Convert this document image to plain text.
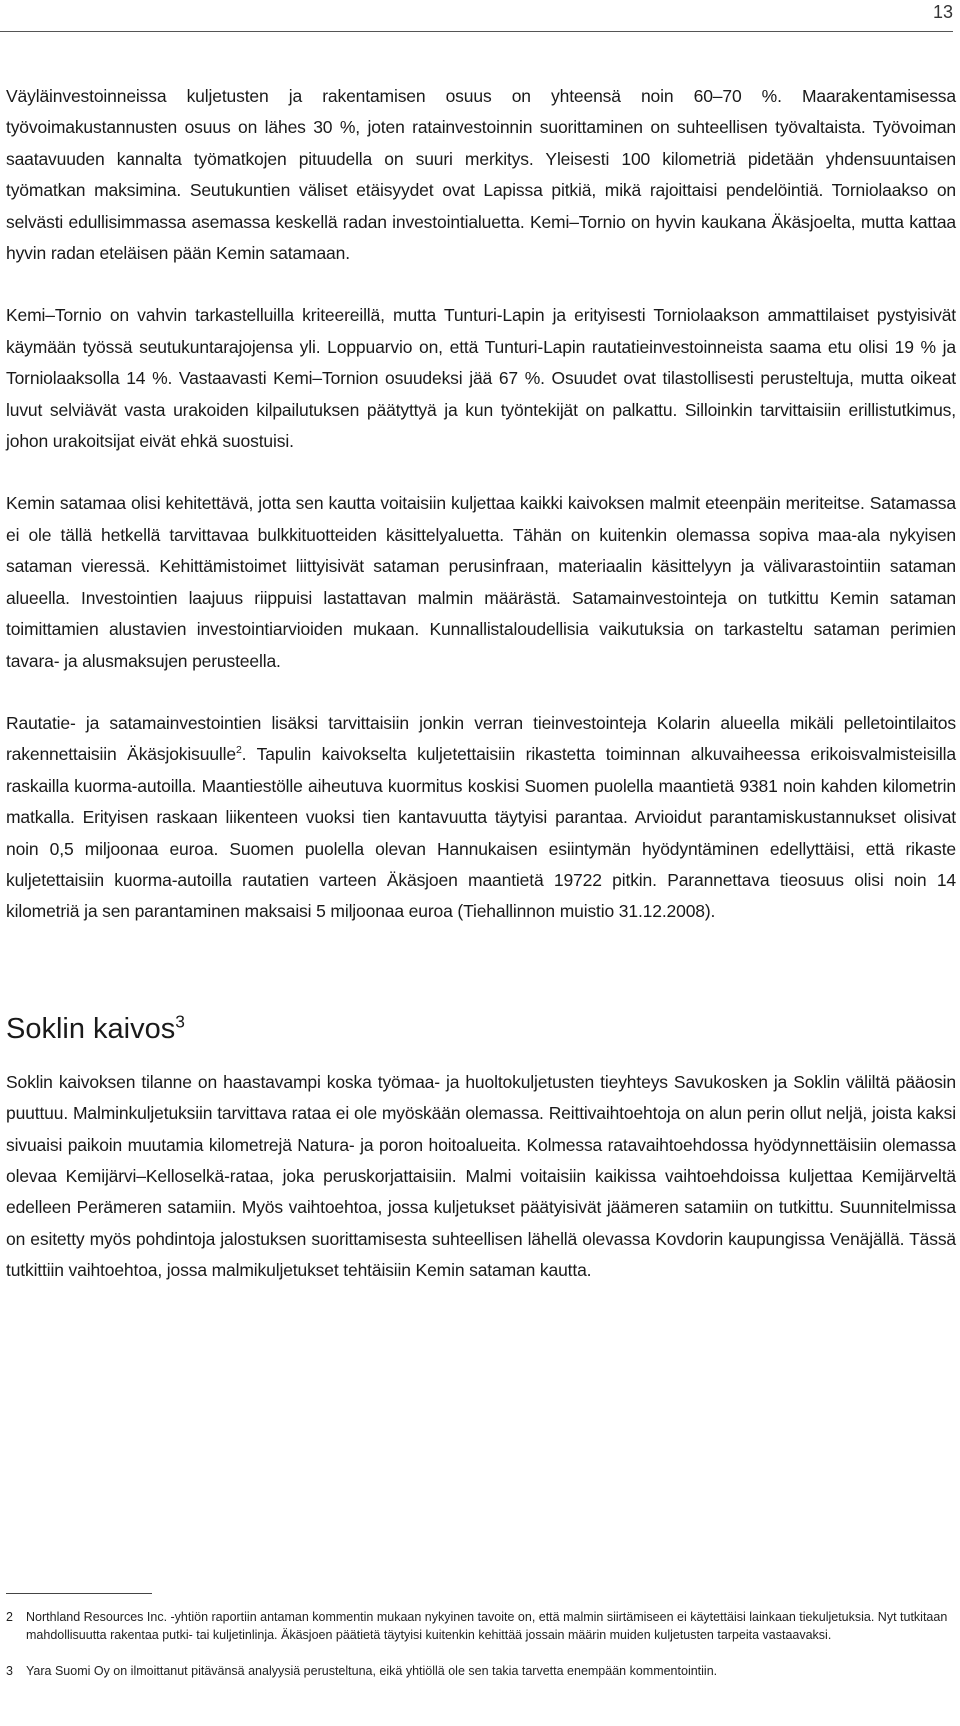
13

Väyläinvestoinneissa kuljetusten ja rakentamisen osuus on yhteensä noin 60–70 %. Maarakentamisessa työvoimakustannusten osuus on lähes 30 %, joten ratainvestoinnin suorittaminen on suhteellisen työvaltaista. Työvoiman saatavuuden kannalta työmatkojen pituudella on suuri merkitys. Yleisesti 100 kilometriä pidetään yhdensuuntaisen työmatkan maksimina. Seutukuntien väliset etäisyydet ovat Lapissa pitkiä, mikä rajoittaisi pendelöintiä. Torniolaakso on selvästi edullisimmassa asemassa keskellä radan investointialuetta. Kemi–Tornio on hyvin kaukana Äkäsjoelta, mutta kattaa hyvin radan eteläisen pään Kemin satamaan.

Kemi–Tornio on vahvin tarkastelluilla kriteereillä, mutta Tunturi-Lapin ja erityisesti Torniolaakson ammattilaiset pystyisivät käymään työssä seutukuntarajojensa yli. Loppuarvio on, että Tunturi-Lapin rautatieinvestoinneista saama etu olisi 19 % ja Torniolaaksolla 14 %. Vastaavasti Kemi–Tornion osuudeksi jää 67 %. Osuudet ovat tilastollisesti perusteltuja, mutta oikeat luvut selviävät vasta urakoiden kilpailutuksen päätyttyä ja kun työntekijät on palkattu. Silloinkin tarvittaisiin erillistutkimus, johon urakoitsijat eivät ehkä suostuisi.

Kemin satamaa olisi kehitettävä, jotta sen kautta voitaisiin kuljettaa kaikki kaivoksen malmit eteenpäin meriteitse. Satamassa ei ole tällä hetkellä tarvittavaa bulkkituotteiden käsittelyaluetta. Tähän on kuitenkin olemassa sopiva maa-ala nykyisen sataman vieressä. Kehittämistoimet liittyisivät sataman perusinfraan, materiaalin käsittelyyn ja välivarastointiin sataman alueella. Investointien laajuus riippuisi lastattavan malmin määrästä. Satamainvestointeja on tutkittu Kemin sataman toimittamien alustavien investointiarvioiden mukaan. Kunnallistaloudellisia vaikutuksia on tarkasteltu sataman perimien tavara- ja alusmaksujen perusteella.

Rautatie- ja satamainvestointien lisäksi tarvittaisiin jonkin verran tieinvestointeja Kolarin alueella mikäli pelletointilaitos rakennettaisiin Äkäsjokisuulle$^2$. Tapulin kaivokselta kuljetettaisiin rikastetta toiminnan alkuvaiheessa erikoisvalmisteisilla raskailla kuorma-autoilla. Maantiestölle aiheutuva kuormitus koskisi Suomen puolella maantietä 9381 noin kahden kilometrin matkalla. Erityisen raskaan liikenteen vuoksi tien kantavuutta täytyisi parantaa. Arvioidut parantamiskustannukset olisivat noin 0,5 miljoonaa euroa. Suomen puolella olevan Hannukaisen esiintymän hyödyntäminen edellyttäisi, että rikaste kuljetettaisiin kuorma-autoilla rautatien varteen Äkäsjoen maantietä 19722 pitkin. Parannettava tieosuus olisi noin 14 kilometriä ja sen parantaminen maksaisi 5 miljoonaa euroa (Tiehallinnon muistio 31.12.2008).

Soklin kaivos$^3$

Soklin kaivoksen tilanne on haastavampi koska työmaa- ja huoltokuljetusten tieyhteys Savukosken ja Soklin väliltä pääosin puuttuu. Malminkuljetuksiin tarvittava rataa ei ole myöskään olemassa. Reittivaihtoehtoja on alun perin ollut neljä, joista kaksi sivuaisi paikoin muutamia kilometrejä Natura- ja poron hoitoalueita. Kolmessa ratavaihtoehdossa hyödynnettäisiin olemassa olevaa Kemijärvi–Kelloselkä-rataa, joka peruskorjattaisiin. Malmi voitaisiin kaikissa vaihtoehdoissa kuljettaa Kemijärveltä edelleen Perämeren satamiin. Myös vaihtoehtoa, jossa kuljetukset päätyisivät jäämeren satamiin on tutkittu. Suunnitelmissa on esitetty myös pohdintoja jalostuksen suorittamisesta suhteellisen lähellä olevassa Kovdorin kaupungissa Venäjällä. Tässä tutkittiin vaihtoehtoa, jossa malmikuljetukset tehtäisiin Kemin sataman kautta.

2	Northland Resources Inc. -yhtiön raportiin antaman kommentin mukaan nykyinen tavoite on, että malmin siirtämiseen ei käytettäisi lainkaan tiekuljetuksia. Nyt tutkitaan mahdollisuutta rakentaa putki- tai kuljetinlinja. Äkäsjoen päätietä täytyisi kuitenkin kehittää jossain määrin muiden kuljetusten tarpeita vastaavaksi.
3	Yara Suomi Oy on ilmoittanut pitävänsä analyysiä perusteltuna, eikä yhtiöllä ole sen takia tarvetta enempään kommentointiin.
